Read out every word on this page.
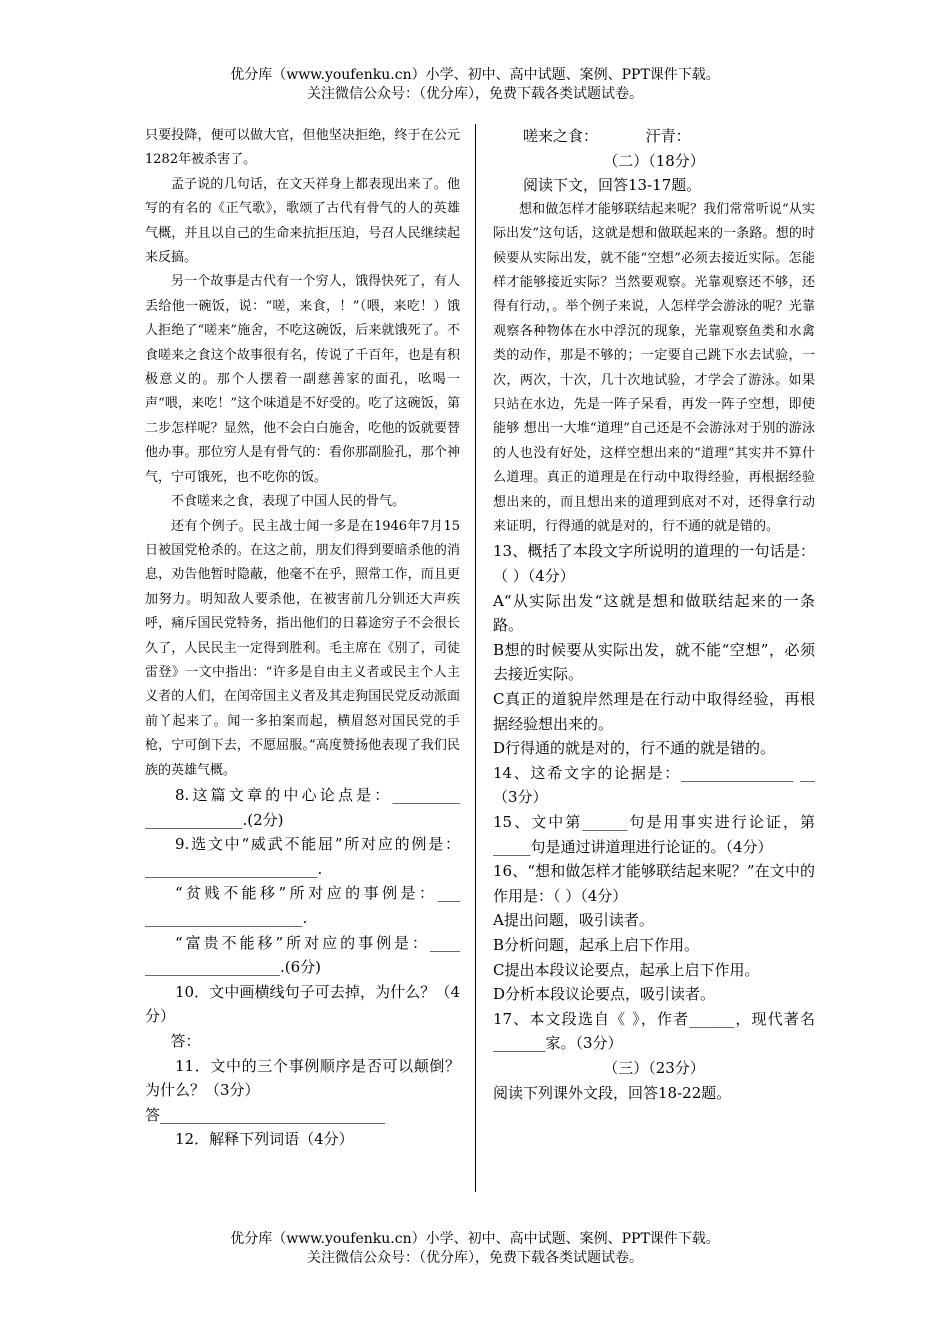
优分库（www.youfenku.cn）小学、初中、高中试题、案例、PPT课件下载。
关注微信公众号：（优分库），免费下载各类试题试卷。

只要投降，便可以做大官，但他坚决拒绝，终于在公元1282年被杀害了。

孟子说的几句话，在文天祥身上都表现出来了。他写的有名的《正气歌》，歌颂了古代有骨气的人的英雄气概，并且以自己的生命来抗拒压迫，号召人民继续起来反搞。

另一个故事是古代有一个穷人，饿得快死了，有人丢给他一碗饭，说：“嗟，来食，！”（喂，来吃！）饿人拒绝了“嗟来”施舍，不吃这碗饭，后来就饿死了。不食嗟来之食这个故事很有名，传说了千百年，也是有积极意义的。那个人摆着一副慈善家的面孔，吆喝一声“喂，来吃！”这个味道是不好受的。吃了这碗饭，第二步怎样呢？显然，他不会白白施舍，吃他的饭就要替他办事。那位穷人是有骨气的：看你那副脸孔，那个神气，宁可饿死，也不吃你的饭。

不食嗟来之食，表现了中国人民的骨气。

还有个例子。民主战士闻一多是在1946年7月15日被国党枪杀的。在这之前，朋友们得到要暗杀他的消息，劝告他暂时隐蔽，他毫不在乎，照常工作，而且更加努力。明知敌人要杀他，在被害前几分钏还大声疾呼，痛斥国民党特务，指出他们的日暮途穷子不会很长久了，人民民主一定得到胜利。毛主席在《别了，司徒雷登》一文中指出：“许多是自由主义者或民主个人主义者的人们，在闰帝国主义者及其走狗国民党反动派面前丫起来了。闻一多拍案而起，横眉怒对国民党的手枪，宁可倒下去，不愿屈服。”高度赞扬他表现了我们民族的英雄气概。

8.这篇文章的中心论点是：_________ _____________.(2分)

9.选文中“威武不能屈”所对应的例是：_______________________.

“贫贱不能移”所对应的事例是：___ _____________________.

“富贵不能移”所对应的事例是：____ __________________.(6分)

10．文中画横线句子可去掉，为什么？（4分）

答：

11．文中的三个事例顺序是否可以颠倒？为什么？（3分）

答______________________________

12．解释下列词语（4分）

嗟来之食：          汗青：

（二）（18分）

阅读下文，回答13-17题。

想和做怎样才能够联结起来呢？我们常常听说“从实际出发”这句话，这就是想和做联起来的一条路。想的时候要从实际出发，就不能“空想”必须去接近实际。怎能样才能够接近实际？当然要观察。光靠观察还不够，还得有行动，。举个例子来说，人怎样学会游泳的呢？光靠观察各种物体在水中浮沉的现象，光靠观察鱼类和水禽类的动作，那是不够的；一定要自己跳下水去试验，一次，两次，十次，几十次地试验，才学会了游泳。如果只站在水边，先是一阵子呆看，再发一阵子空想，即使能够 想出一大堆“道理”自己还是不会游泳对于别的游泳的人也没有好处，这样空想出来的“道理”其实并不算什么道理。真正的道理是在行动中取得经验，再根据经验想出来的，而且想出来的道理到底对不对，还得拿行动来证明，行得通的就是对的，行不通的就是错的。

13、概括了本段文字所说明的道理的一句话是：（ ）（4分）

A“从实际出发“这就是想和做联结起来的一条路。

B想的时候要从实际出发，就不能“空想”，必须去接近实际。

C真正的道貌岸然理是在行动中取得经验，再根据经验想出来的。

D行得通的就是对的，行不通的就是错的。

14、这希文字的论据是：_______________ __（3分）

15、文中第______句是用事实进行论证，第_____句是通过讲道理进行论证的。（4分）

16、“想和做怎样才能够联结起来呢？”在文中的作用是：（ ）（4分）

A提出问题，吸引读者。

B分析问题，起承上启下作用。

C提出本段议论要点，起承上启下作用。

D分析本段议论要点，吸引读者。

17、本文段选自《 》，作者______，现代著名_______家。（3分）

（三）（23分）

阅读下列课外文段，回答18-22题。

优分库（www.youfenku.cn）小学、初中、高中试题、案例、PPT课件下载。
关注微信公众号：（优分库），免费下载各类试题试卷。
